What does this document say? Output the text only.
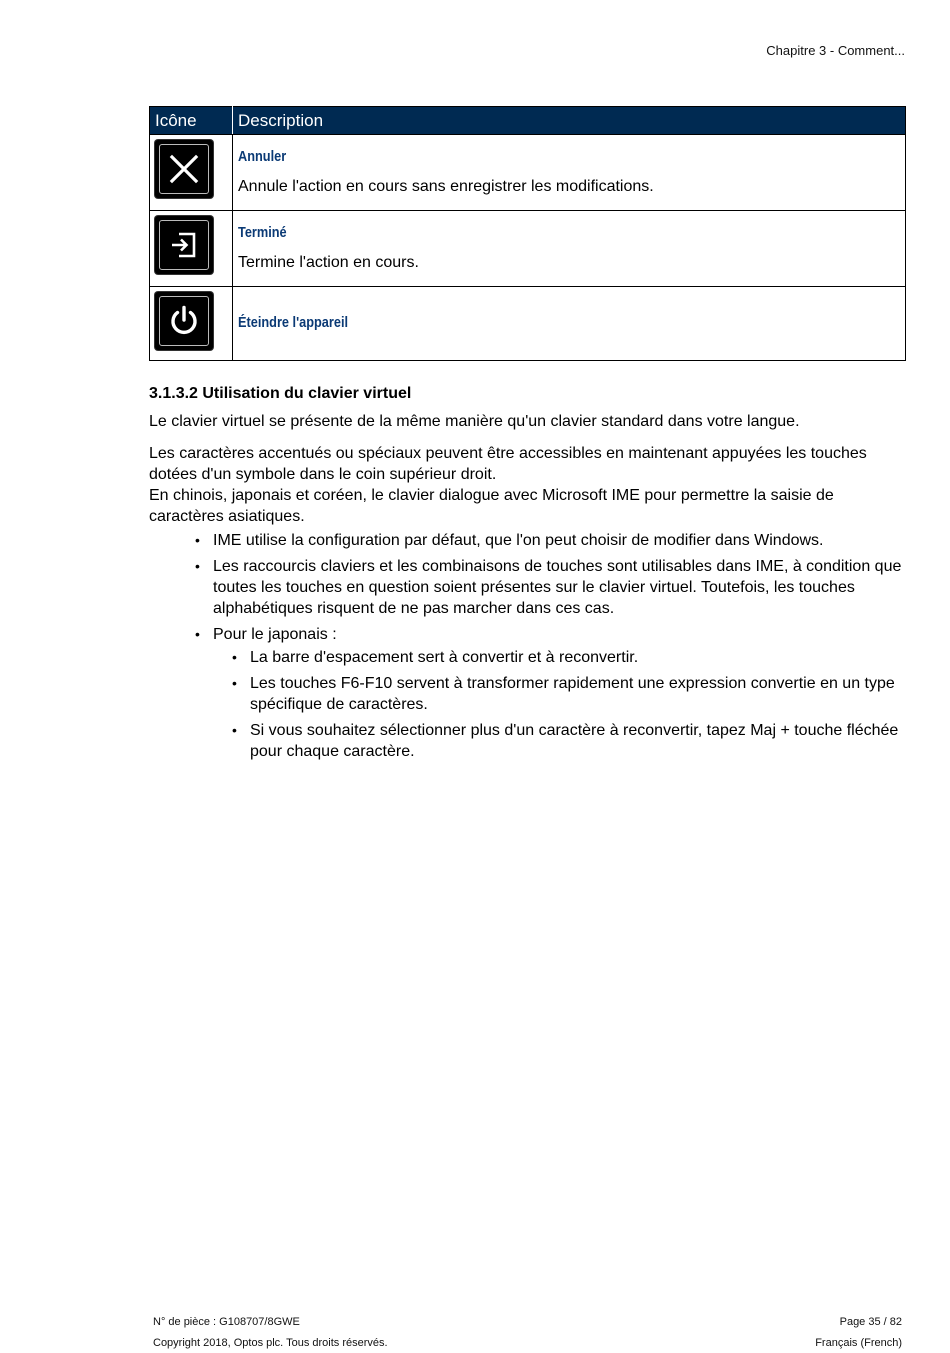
Chapitre 3 - Comment...
Icône	Description

Annuler
Annule l'action en cours sans enregistrer les modifications.

Terminé
Termine l'action en cours.

Éteindre l'appareil
3.1.3.2 Utilisation du clavier virtuel

Le clavier virtuel se présente de la même manière qu'un clavier standard dans votre langue.

Les caractères accentués ou spéciaux peuvent être accessibles en maintenant appuyées les touches dotées d'un symbole dans le coin supérieur droit.

En chinois, japonais et coréen, le clavier dialogue avec Microsoft IME pour permettre la saisie de caractères asiatiques.

• IME utilise la configuration par défaut, que l'on peut choisir de modifier dans Windows.
• Les raccourcis claviers et les combinaisons de touches sont utilisables dans IME, à condition que toutes les touches en question soient présentes sur le clavier virtuel. Toutefois, les touches alphabétiques risquent de ne pas marcher dans ces cas.
• Pour le japonais :
• La barre d'espacement sert à convertir et à reconvertir.
• Les touches F6-F10 servent à transformer rapidement une expression convertie en un type spécifique de caractères.
• Si vous souhaitez sélectionner plus d'un caractère à reconvertir, tapez Maj + touche fléchée pour chaque caractère.
N° de pièce : G108707/8GWE
Copyright 2018, Optos plc. Tous droits réservés.
Page 35 / 82
Français (French)
